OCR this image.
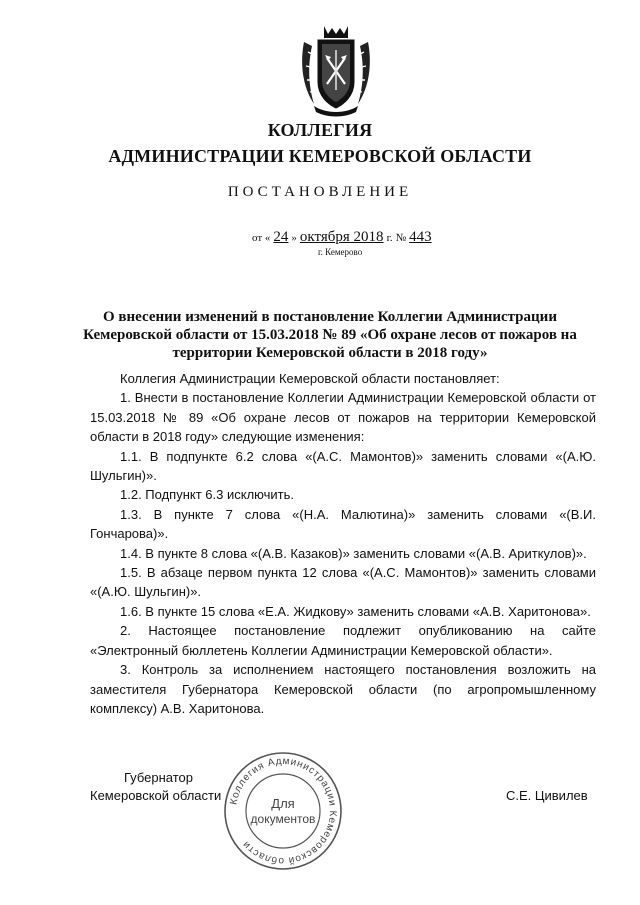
КОЛЛЕГИЯ
АДМИНИСТРАЦИИ КЕМЕРОВСКОЙ ОБЛАСТИ
ПОСТАНОВЛЕНИЕ
от « 24 » октября 2018 г. № 443
г. Кемерово
О внесении изменений в постановление Коллегии Администрации
Кемеровской области от 15.03.2018 № 89 «Об охране лесов от пожаров на
территории Кемеровской области в 2018 году»

Коллегия Администрации Кемеровской области постановляет:

1. Внести в постановление Коллегии Администрации Кемеровской области от 15.03.2018 № 89 «Об охране лесов от пожаров на территории Кемеровской области в 2018 году» следующие изменения:

1.1. В подпункте 6.2 слова «(А.С. Мамонтов)» заменить словами «(А.Ю. Шульгин)».

1.2. Подпункт 6.3 исключить.

1.3. В пункте 7 слова «(Н.А. Малютина)» заменить словами «(В.И. Гончарова)».

1.4. В пункте 8 слова «(А.В. Казаков)» заменить словами «(А.В. Ариткулов)».

1.5. В абзаце первом пункта 12 слова «(А.С. Мамонтов)» заменить словами «(А.Ю. Шульгин)».

1.6. В пункте 15 слова «Е.А. Жидкову» заменить словами «А.В. Харитонова».

2. Настоящее постановление подлежит опубликованию на сайте «Электронный бюллетень Коллегии Администрации Кемеровской области».

3. Контроль за исполнением настоящего постановления возложить на заместителя Губернатора Кемеровской области (по агропромышленному комплексу) А.В. Харитонова.

Коллегия Администрации Кемеровской области
Для
документов
Губернатор
Кемеровской области	С.Е. Цивилев
